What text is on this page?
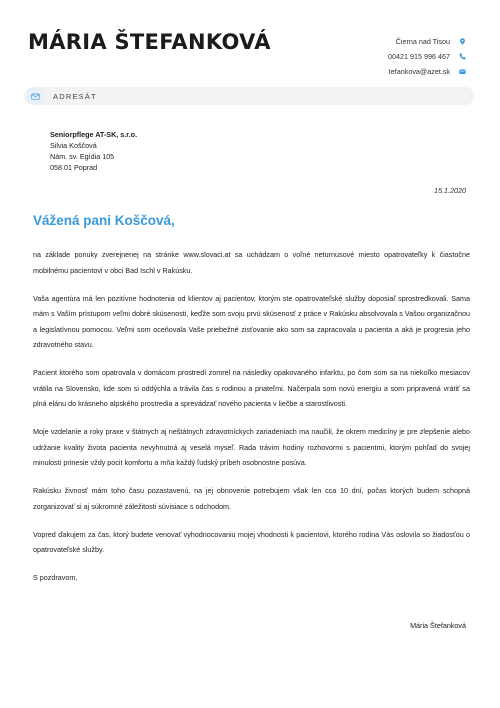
MÁRIA ŠTEFANKOVÁ	Čierna nad Tisou
00421 915 996 467
tefankova@azet.sk
ADRESÁT
Seniorpflege AT-SK, s.r.o.
Silvia Koščová
Nám. sv. Egídia 105
058 01 Poprad
15.1.2020
Vážená pani Koščová,

na základe ponuky zverejnenej na stránke www.slovaci.at sa uchádzam o voľné neturnusové miesto opatrovateľky k čiastočne mobilnému pacientovi v obci Bad Ischl v Rakúsku.

Vaša agentúra má len pozitívne hodnotenia od klientov aj pacientov, ktorým ste opatrovateľské služby doposiaľ sprostredkovali. Sama mám s Vaším prístupom veľmi dobré skúsenosti, keďže som svoju prvú skúsenosť z práce v Rakúsku absolvovala s Vašou organizačnou a legislatívnou pomocou. Veľmi som oceňovala Vaše priebežné zisťovanie ako som sa zapracovala u pacienta a aká je progresia jeho zdravotného stavu.

Pacient ktorého som opatrovala v domácom prostredí zomrel na následky opakovaného infarktu, po čom som sa na niekoľko mesiacov vrátila na Slovensko, kde som si oddýchla a trávila čas s rodinou a priateľmi. Načerpala som novú energiu a som pripravená vrátiť sa plná elánu do krásneho alpského prostredia a sprevádzať nového pacienta v liečbe a starostlivosti.

Moje vzdelanie a roky praxe v štátnych aj neštátnych zdravotníckych zariadeniach ma naučili, že okrem medicíny je pre zlepšenie alebo udržanie kvality života pacienta nevyhnutná aj veselá myseľ. Rada trávim hodiny rozhovormi s pacientmi, ktorým pohľad do svojej minulosti prinesie vždy pocit komfortu a mňa každý ľudský príbeh osobnostne posúva.

Rakúsku živnosť mám toho času pozastavenú, na jej obnovenie potrebujem však len cca 10 dní, počas ktorých budem schopná zorganizovať si aj súkromné záležitosti súvisiace s odchodom.

Vopred ďakujem za čas, ktorý budete venovať vyhodnocovaniu mojej vhodnosti k pacientovi, ktorého rodina Vás oslovila so žiadosťou o opatrovateľské služby.

S pozdravom,

Mária Štefanková
